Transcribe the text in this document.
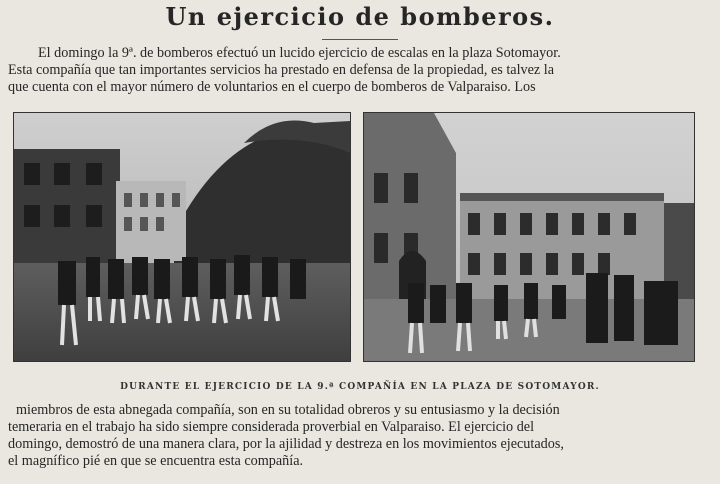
Un ejercicio de bomberos.
El domingo la 9ª. de bomberos efectuó un lucido ejercicio de escalas en la plaza Sotomayor.
Esta compañía que tan importantes servicios ha prestado en defensa de la propiedad, es talvez la
que cuenta con el mayor número de voluntarios en el cuerpo de bomberos de Valparaiso. Los
DURANTE EL EJERCICIO DE LA 9.ª COMPAÑÍA EN LA PLAZA DE SOTOMAYOR.
miembros de esta abnegada compañía, son en su totalidad obreros y su entusiasmo y la decisión
temeraria en el trabajo ha sido siempre considerada proverbial en Valparaiso. El ejercicio del
domingo, demostró de una manera clara, por la ajilidad y destreza en los movimientos ejecutados,
el magnífico pié en que se encuentra esta compañía.
